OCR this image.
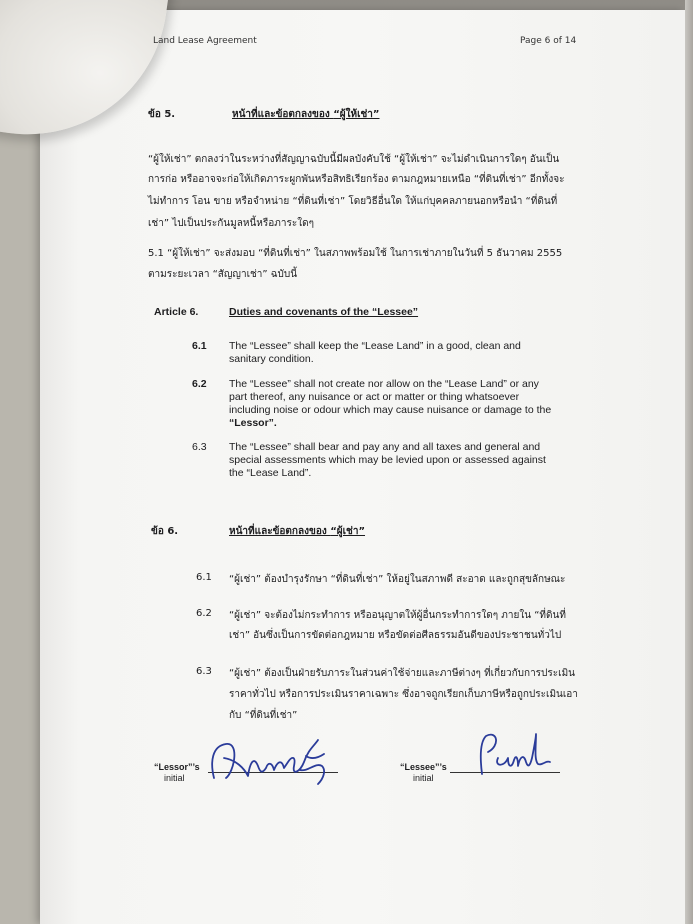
Land Lease Agreement	Page 6 of 14
ข้อ 5.	หน้าที่และข้อตกลงของ “ผู้ให้เช่า”
“ผู้ให้เช่า” ตกลงว่าในระหว่างที่สัญญาฉบับนี้มีผลบังคับใช้ “ผู้ให้เช่า” จะไม่ดำเนินการใดๆ อันเป็น
การก่อ หรืออาจจะก่อให้เกิดภาระผูกพันหรือสิทธิเรียกร้อง ตามกฎหมายเหนือ “ที่ดินที่เช่า” อีกทั้งจะ
ไม่ทำการ โอน ขาย หรือจำหน่าย “ที่ดินที่เช่า” โดยวิธีอื่นใด ให้แก่บุคคลภายนอกหรือนำ “ที่ดินที่
เช่า” ไปเป็นประกันมูลหนี้หรือภาระใดๆ
5.1 “ผู้ให้เช่า” จะส่งมอบ “ที่ดินที่เช่า” ในสภาพพร้อมใช้ ในการเช่าภายในวันที่ 5 ธันวาคม 2555
ตามระยะเวลา “สัญญาเช่า” ฉบับนี้
Article 6.	Duties and covenants of the “Lessee”
6.1 The “Lessee” shall keep the “Lease Land” in a good, clean and
sanitary condition.
6.2 The “Lessee” shall not create nor allow on the “Lease Land” or any
part thereof, any nuisance or act or matter or thing whatsoever
including noise or odour which may cause nuisance or damage to the
“Lessor”.
6.3 The “Lessee” shall bear and pay any and all taxes and general and
special assessments which may be levied upon or assessed against
the “Lease Land”.
ข้อ 6.	หน้าที่และข้อตกลงของ “ผู้เช่า”
6.1 “ผู้เช่า” ต้องบำรุงรักษา “ที่ดินที่เช่า” ให้อยู่ในสภาพดี สะอาด และถูกสุขลักษณะ
6.2 “ผู้เช่า” จะต้องไม่กระทำการ หรืออนุญาตให้ผู้อื่นกระทำการใดๆ ภายใน “ที่ดินที่
เช่า” อันซึ่งเป็นการขัดต่อกฎหมาย หรือขัดต่อศีลธรรมอันดีของประชาชนทั่วไป
6.3 “ผู้เช่า” ต้องเป็นฝ่ายรับภาระในส่วนค่าใช้จ่ายและภาษีต่างๆ ที่เกี่ยวกับการประเมิน
ราคาทั่วไป หรือการประเมินราคาเฉพาะ ซึ่งอาจถูกเรียกเก็บภาษีหรือถูกประเมินเอา
กับ “ที่ดินที่เช่า”
“Lessor”’s
initial
“Lessee”’s
initial
